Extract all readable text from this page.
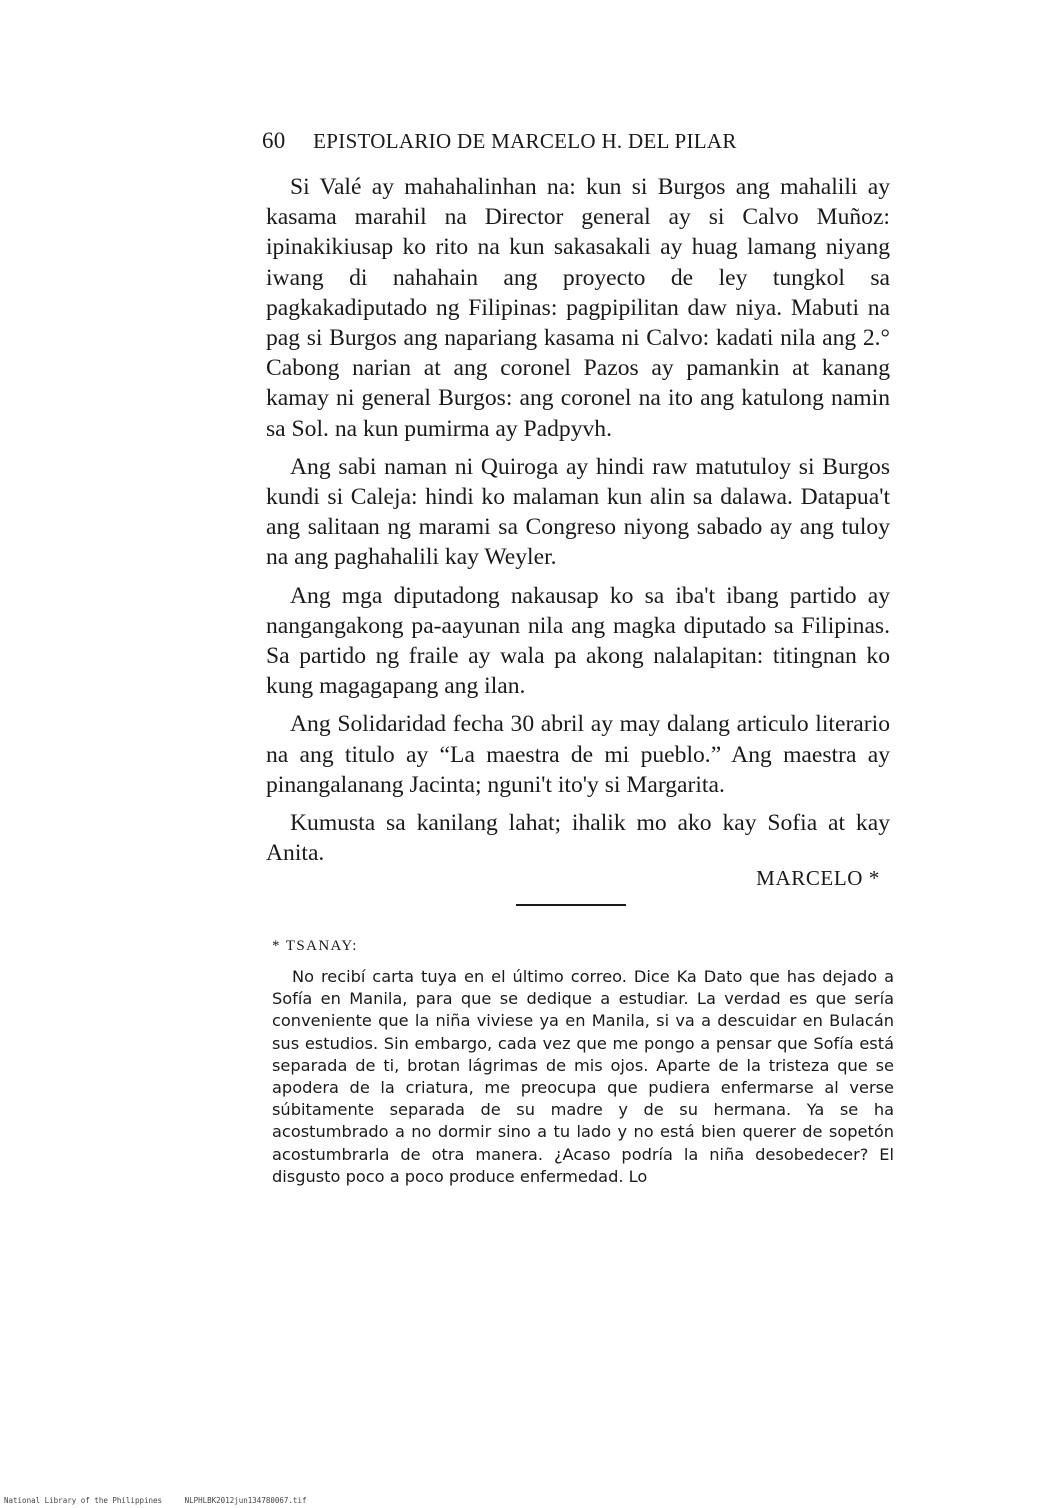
60 EPISTOLARIO DE MARCELO H. DEL PILAR

Si Valé ay mahahalinhan na: kun si Burgos ang mahalili ay kasama marahil na Director general ay si Calvo Muñoz: ipinakikiusap ko rito na kun sakasakali ay huag lamang niyang iwang di nahahain ang proyecto de ley tungkol sa pagkakadiputado ng Filipinas: pagpipilitan daw niya. Mabuti na pag si Burgos ang napariang kasama ni Calvo: kadati nila ang 2.° Cabong narian at ang coronel Pazos ay pamankin at kanang kamay ni general Burgos: ang coronel na ito ang katulong namin sa Sol. na kun pumirma ay Padpyvh.

Ang sabi naman ni Quiroga ay hindi raw matutuloy si Burgos kundi si Caleja: hindi ko malaman kun alin sa dalawa. Datapua't ang salitaan ng marami sa Congreso niyong sabado ay ang tuloy na ang paghahalili kay Weyler.

Ang mga diputadong nakausap ko sa iba't ibang partido ay nangangakong pa-aayunan nila ang magka diputado sa Filipinas. Sa partido ng fraile ay wala pa akong nalalapitan: titingnan ko kung magagapang ang ilan.

Ang Solidaridad fecha 30 abril ay may dalang articulo literario na ang titulo ay “La maestra de mi pueblo.” Ang maestra ay pinangalanang Jacinta; nguni't ito'y si Margarita.

Kumusta sa kanilang lahat; ihalik mo ako kay Sofia at kay Anita.

MARCELO *
* TSANAY:
No recibí carta tuya en el último correo. Dice Ka Dato que has dejado a Sofía en Manila, para que se dedique a estudiar. La verdad es que sería conveniente que la niña viviese ya en Manila, si va a descuidar en Bulacán sus estudios. Sin embargo, cada vez que me pongo a pensar que Sofía está separada de ti, brotan lágrimas de mis ojos. Aparte de la tristeza que se apodera de la criatura, me preocupa que pudiera enfermarse al verse súbitamente separada de su madre y de su hermana. Ya se ha acostumbrado a no dormir sino a tu lado y no está bien querer de sopetón acostumbrarla de otra manera. ¿Acaso podría la niña desobedecer? El disgusto poco a poco produce enfermedad. Lo
National Library of the Philippines	NLPHLBK2012jun134780067.tif
